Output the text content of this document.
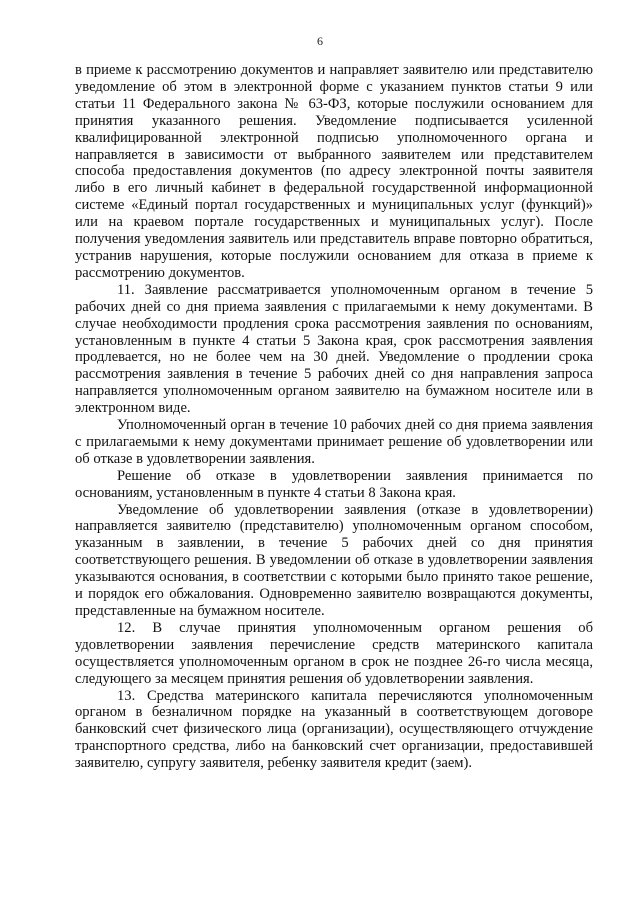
6

в приеме к рассмотрению документов и направляет заявителю или представителю уведомление об этом в электронной форме с указанием пунктов статьи 9 или статьи 11 Федерального закона № 63-ФЗ, которые послужили основанием для принятия указанного решения. Уведомление подписывается усиленной квалифицированной электронной подписью уполномоченного органа и направляется в зависимости от выбранного заявителем или представителем способа предоставления документов (по адресу электронной почты заявителя либо в его личный кабинет в федеральной государственной информационной системе «Единый портал государственных и муниципальных услуг (функций)» или на краевом портале государственных и муниципальных услуг). После получения уведомления заявитель или представитель вправе повторно обратиться, устранив нарушения, которые послужили основанием для отказа в приеме к рассмотрению документов.

11. Заявление рассматривается уполномоченным органом в течение 5 рабочих дней со дня приема заявления с прилагаемыми к нему документами. В случае необходимости продления срока рассмотрения заявления по основаниям, установленным в пункте 4 статьи 5 Закона края, срок рассмотрения заявления продлевается, но не более чем на 30 дней. Уведомление о продлении срока рассмотрения заявления в течение 5 рабочих дней со дня направления запроса направляется уполномоченным органом заявителю на бумажном носителе или в электронном виде.

Уполномоченный орган в течение 10 рабочих дней со дня приема заявления с прилагаемыми к нему документами принимает решение об удовлетворении или об отказе в удовлетворении заявления.

Решение об отказе в удовлетворении заявления принимается по основаниям, установленным в пункте 4 статьи 8 Закона края.

Уведомление об удовлетворении заявления (отказе в удовлетворении) направляется заявителю (представителю) уполномоченным органом способом, указанным в заявлении, в течение 5 рабочих дней со дня принятия соответствующего решения. В уведомлении об отказе в удовлетворении заявления указываются основания, в соответствии с которыми было принято такое решение, и порядок его обжалования. Одновременно заявителю возвращаются документы, представленные на бумажном носителе.

12. В случае принятия уполномоченным органом решения об удовлетворении заявления перечисление средств материнского капитала осуществляется уполномоченным органом в срок не позднее 26-го числа месяца, следующего за месяцем принятия решения об удовлетворении заявления.

13. Средства материнского капитала перечисляются уполномоченным органом в безналичном порядке на указанный в соответствующем договоре банковский счет физического лица (организации), осуществляющего отчуждение транспортного средства, либо на банковский счет организации, предоставившей заявителю, супругу заявителя, ребенку заявителя кредит (заем).
